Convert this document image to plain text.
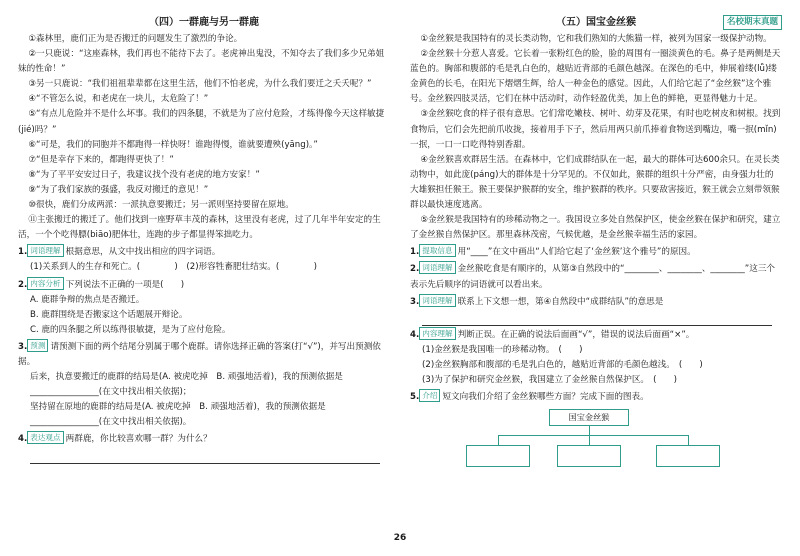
（四）一群鹿与另一群鹿

①森林里，鹿们正为是否搬迁的问题发生了激烈的争论。

②一只鹿说：“这座森林，我们再也不能待下去了。老虎神出鬼没，不知夺去了我们多少兄弟姐妹的性命！”

③另一只鹿说：“我们祖祖辈辈都在这里生活，他们不怕老虎，为什么我们要迁之夭夭呢？”

④“不管怎么说，和老虎在一块儿，太危险了！”

⑤“有点儿危险并不是什么坏事。我们的四条腿，不就是为了应付危险，才练得像今天这样敏捷(jié)吗？”

⑥“可是，我们的同胞并不都跑得一样快呀！谁跑得慢，谁就要遭殃(yāng)。”

⑦“但是幸存下来的，都跑得更快了！”

⑧“为了平平安安过日子，我建议找个没有老虎的地方安家！”

⑨“为了我们家族的强盛，我反对搬迁的意见！”

⑩很快，鹿们分成两派：一派执意要搬迁；另一派则坚持要留在原地。

⑪主张搬迁的搬迁了。他们找到一座野草丰茂的森林，这里没有老虎，过了几年半年安定的生活，一个个吃得膘(biāo)肥体壮，连跑的步子都显得笨拙吃力。

1. 词语理解 根据意思，从文中找出相应的四字词语。

(1)关系到人的生存和死亡。(　　　　)　(2)形容牲畜肥壮结实。(　　　　)

2. 内容分析 下列说法不正确的一项是(　　)

A. 鹿群争辩的焦点是否搬迁。

B. 鹿群围绕是否搬家这个话题展开辩论。

C. 鹿的四条腿之所以练得很敏捷，是为了应付危险。

3. 预测 请预测下面的两个结尾分别属于哪个鹿群。请你选择正确的答案(打“√”)，并写出预测依据。

后来，执意要搬迁的鹿群的结局是(A. 被虎吃掉　B. 顽强地活着)，我的预测依据是________________(在文中找出相关依据)；

坚持留在原地的鹿群的结局是(A. 被虎吃掉　B. 顽强地活着)，我的预测依据是________________(在文中找出相关依据)。

4. 表达观点 两群鹿，你比较喜欢哪一群？为什么？

（五）国宝金丝猴	名校期末真题

①金丝猴是我国特有的灵长类动物，它和我们熟知的大熊猫一样，被列为国家一级保护动物。

②金丝猴十分惹人喜爱。它长着一张粉红色的脸，脸的周围有一圈淡黄色的毛。鼻子是两侧是天蓝色的。胸部和腹部的毛是乳白色的，越贴近背部的毛颜色越深。在深色的毛中，伸展着缕(lǚ)缕金黄色的长毛，在阳光下熠熠生辉，给人一种金色的感觉。因此，人们给它起了“金丝猴”这个雅号。金丝猴四肢灵活，它们在林中活动时，动作轻盈优美，加上色的鲜艳，更显得魅力十足。

③金丝猴吃食的样子很有意思。它们常吃嫩枝、树叶、幼芽及花果，有时也吃树皮和树根。找到食物后，它们会先把前爪收拢，接着用手下子，然后用两只前爪捧着食物送到嘴边，嘴一抿(mǐn)一抿，一口一口吃得特别香甜。

④金丝猴喜欢群居生活。在森林中，它们成群结队在一起，最大的群体可达600余只。在灵长类动物中，如此庞(páng)大的群体是十分罕见的。不仅如此，猴群的组织十分严密，由身强力壮的大雄猴担任猴王。猴王要保护猴群的安全，维护猴群的秩序。只要敌害接近，猴王就会立刻带领猴群以最快速度逃离。

⑤金丝猴是我国特有的珍稀动物之一。我国设立多处自然保护区，使金丝猴在保护和研究，建立了金丝猴自然保护区。那里森林茂密，气候优越，是金丝猴幸福生活的家园。

1. 提取信息 用“____”在文中画出“人们给它起了‘金丝猴’这个雅号”的原因。

2. 词语理解 金丝猴吃食是有顺序的，从第③自然段中的“________、________、________”这三个表示先后顺序的词语就可以看出来。

3. 词语理解 联系上下文想一想，第④自然段中“成群结队”的意思是

4. 内容理解 判断正误。在正确的说法后面画“√”，错误的说法后面画“×”。

(1)金丝猴是我国唯一的珍稀动物。 (　　)

(2)金丝猴胸部和腹部的毛是乳白色的，越贴近背部的毛颜色越浅。 (　　)

(3)为了保护和研究金丝猴，我国建立了金丝猴自然保护区。 (　　)

5. 介绍 短文向我们介绍了金丝猴哪些方面？完成下面的图表。

国宝金丝猴
26
